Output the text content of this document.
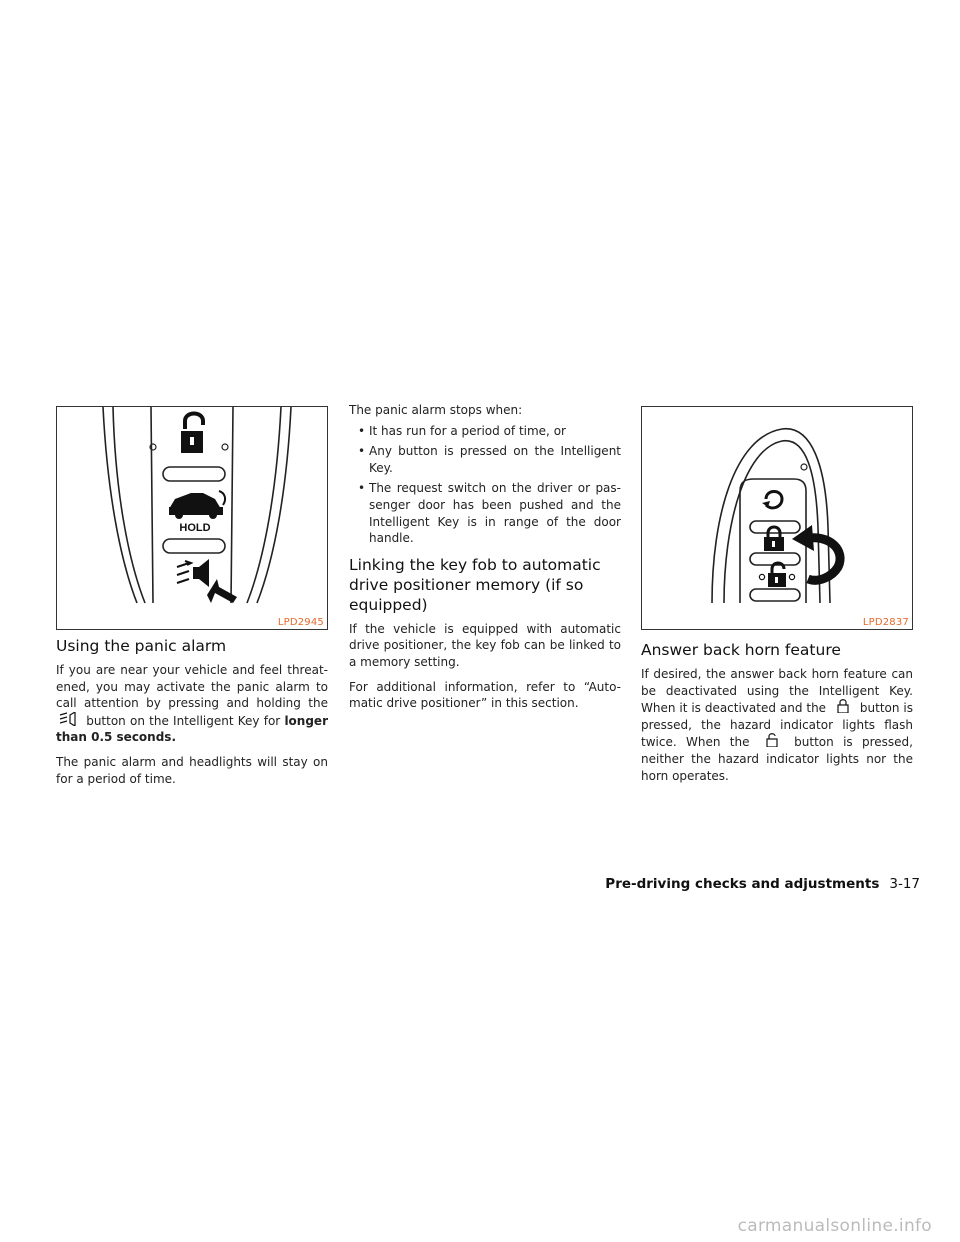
HOLD
LPD2945
Using the panic alarm

If you are near your vehicle and feel threat-ened, you may activate the panic alarm to call attention by pressing and holding the  button on the Intelligent Key for longer than 0.5 seconds.

The panic alarm and headlights will stay on for a period of time.

The panic alarm stops when:

• It has run for a period of time, or
• Any button is pressed on the Intelligent Key.
• The request switch on the driver or pas-senger door has been pushed and the Intelligent Key is in range of the door handle.
Linking the key fob to automatic drive positioner memory (if so equipped)

If the vehicle is equipped with automatic drive positioner, the key fob can be linked to a memory setting.

For additional information, refer to “Auto-matic drive positioner” in this section.

LPD2837
Answer back horn feature

If desired, the answer back horn feature can be deactivated using the Intelligent Key. When it is deactivated and the	button is pressed, the hazard indicator lights flash twice. When the	button is pressed, neither the hazard indicator lights nor the horn operates.

Pre-driving checks and adjustments 3-17
carmanualsonline.info
